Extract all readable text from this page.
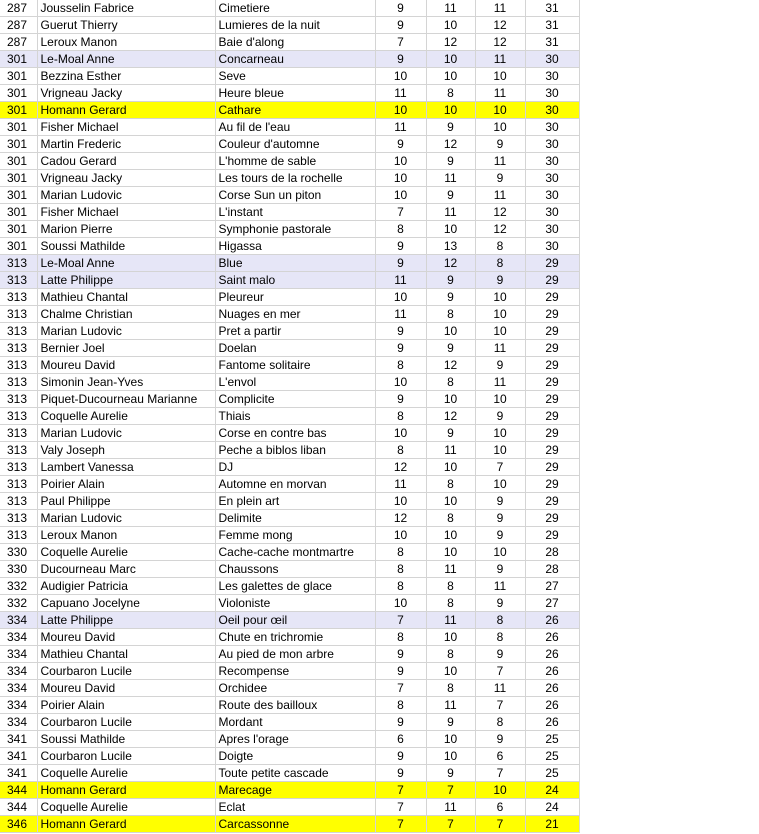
287	Jousselin Fabrice	Cimetiere	9	11	11	31
287	Guerut Thierry	Lumieres de la nuit	9	10	12	31
287	Leroux Manon	Baie d'along	7	12	12	31
301	Le-Moal Anne	Concarneau	9	10	11	30
301	Bezzina Esther	Seve	10	10	10	30
301	Vrigneau Jacky	Heure bleue	11	8	11	30
301	Homann Gerard	Cathare	10	10	10	30
301	Fisher Michael	Au fil de l'eau	11	9	10	30
301	Martin Frederic	Couleur d'automne	9	12	9	30
301	Cadou Gerard	L'homme de sable	10	9	11	30
301	Vrigneau Jacky	Les tours de la rochelle	10	11	9	30
301	Marian Ludovic	Corse Sun un piton	10	9	11	30
301	Fisher Michael	L'instant	7	11	12	30
301	Marion Pierre	Symphonie pastorale	8	10	12	30
301	Soussi Mathilde	Higassa	9	13	8	30
313	Le-Moal Anne	Blue	9	12	8	29
313	Latte Philippe	Saint malo	11	9	9	29
313	Mathieu Chantal	Pleureur	10	9	10	29
313	Chalme Christian	Nuages en mer	11	8	10	29
313	Marian Ludovic	Pret a partir	9	10	10	29
313	Bernier Joel	Doelan	9	9	11	29
313	Moureu David	Fantome solitaire	8	12	9	29
313	Simonin Jean-Yves	L'envol	10	8	11	29
313	Piquet-Ducourneau Marianne	Complicite	9	10	10	29
313	Coquelle Aurelie	Thiais	8	12	9	29
313	Marian Ludovic	Corse en contre bas	10	9	10	29
313	Valy Joseph	Peche a biblos liban	8	11	10	29
313	Lambert Vanessa	DJ	12	10	7	29
313	Poirier Alain	Automne en morvan	11	8	10	29
313	Paul Philippe	En plein art	10	10	9	29
313	Marian Ludovic	Delimite	12	8	9	29
313	Leroux Manon	Femme mong	10	10	9	29
330	Coquelle Aurelie	Cache-cache montmartre	8	10	10	28
330	Ducourneau Marc	Chaussons	8	11	9	28
332	Audigier Patricia	Les galettes de glace	8	8	11	27
332	Capuano Jocelyne	Violoniste	10	8	9	27
334	Latte Philippe	Oeil pour œil	7	11	8	26
334	Moureu David	Chute en trichromie	8	10	8	26
334	Mathieu Chantal	Au pied de mon arbre	9	8	9	26
334	Courbaron Lucile	Recompense	9	10	7	26
334	Moureu David	Orchidee	7	8	11	26
334	Poirier Alain	Route des bailloux	8	11	7	26
334	Courbaron Lucile	Mordant	9	9	8	26
341	Soussi Mathilde	Apres l'orage	6	10	9	25
341	Courbaron Lucile	Doigte	9	10	6	25
341	Coquelle Aurelie	Toute petite cascade	9	9	7	25
344	Homann Gerard	Marecage	7	7	10	24
344	Coquelle Aurelie	Eclat	7	11	6	24
346	Homann Gerard	Carcassonne	7	7	7	21
